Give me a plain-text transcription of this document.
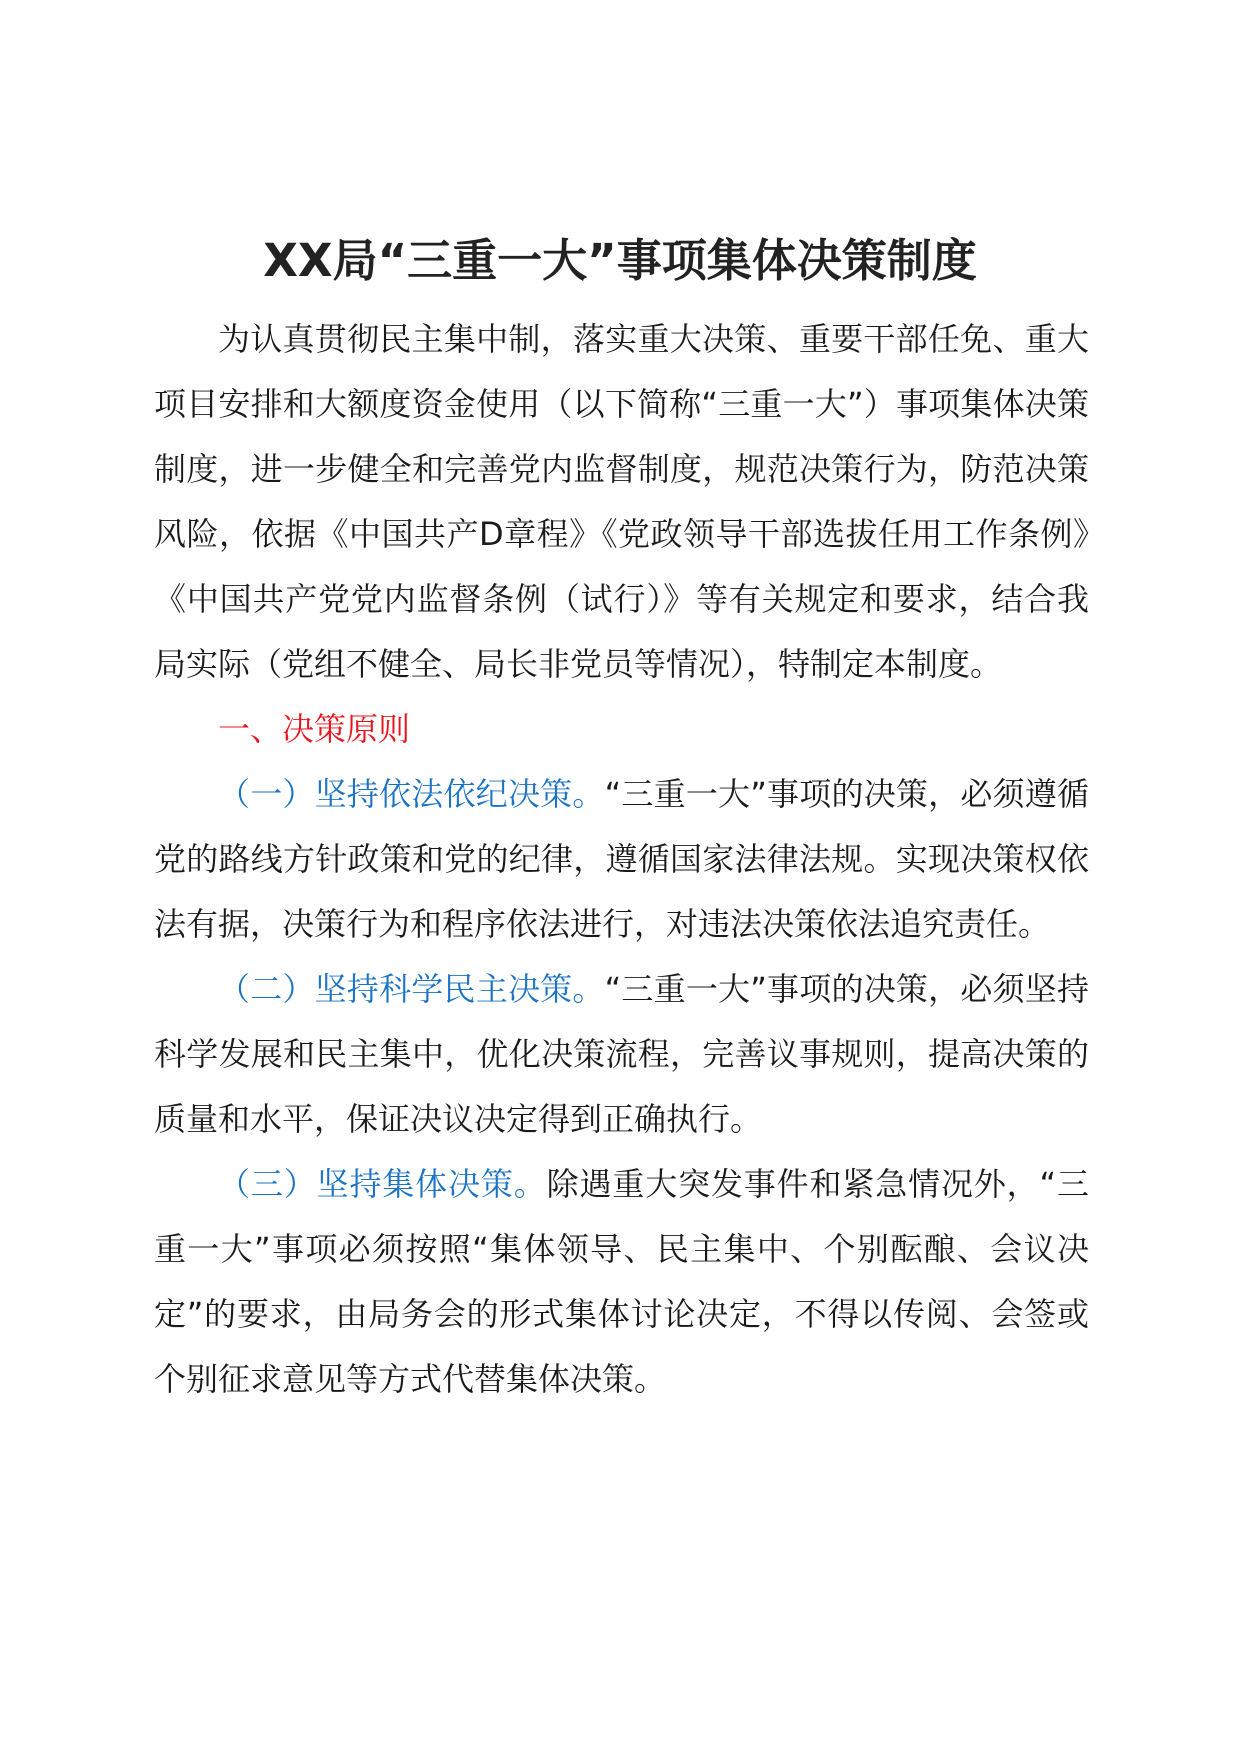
XX局“三重一大”事项集体决策制度

为认真贯彻民主集中制，落实重大决策、重要干部任免、重大项目安排和大额度资金使用（以下简称“三重一大”）事项集体决策制度，进一步健全和完善党内监督制度，规范决策行为，防范决策风险，依据《中国共产D章程》《党政领导干部选拔任用工作条例》《中国共产党党内监督条例（试行）》等有关规定和要求，结合我局实际（党组不健全、局长非党员等情况），特制定本制度。

一、决策原则

（一）坚持依法依纪决策。“三重一大”事项的决策，必须遵循党的路线方针政策和党的纪律，遵循国家法律法规。实现决策权依法有据，决策行为和程序依法进行，对违法决策依法追究责任。

（二）坚持科学民主决策。“三重一大”事项的决策，必须坚持科学发展和民主集中，优化决策流程，完善议事规则，提高决策的质量和水平，保证决议决定得到正确执行。

（三）坚持集体决策。除遇重大突发事件和紧急情况外，“三重一大”事项必须按照“集体领导、民主集中、个别酝酿、会议决定”的要求，由局务会的形式集体讨论决定，不得以传阅、会签或个别征求意见等方式代替集体决策。
